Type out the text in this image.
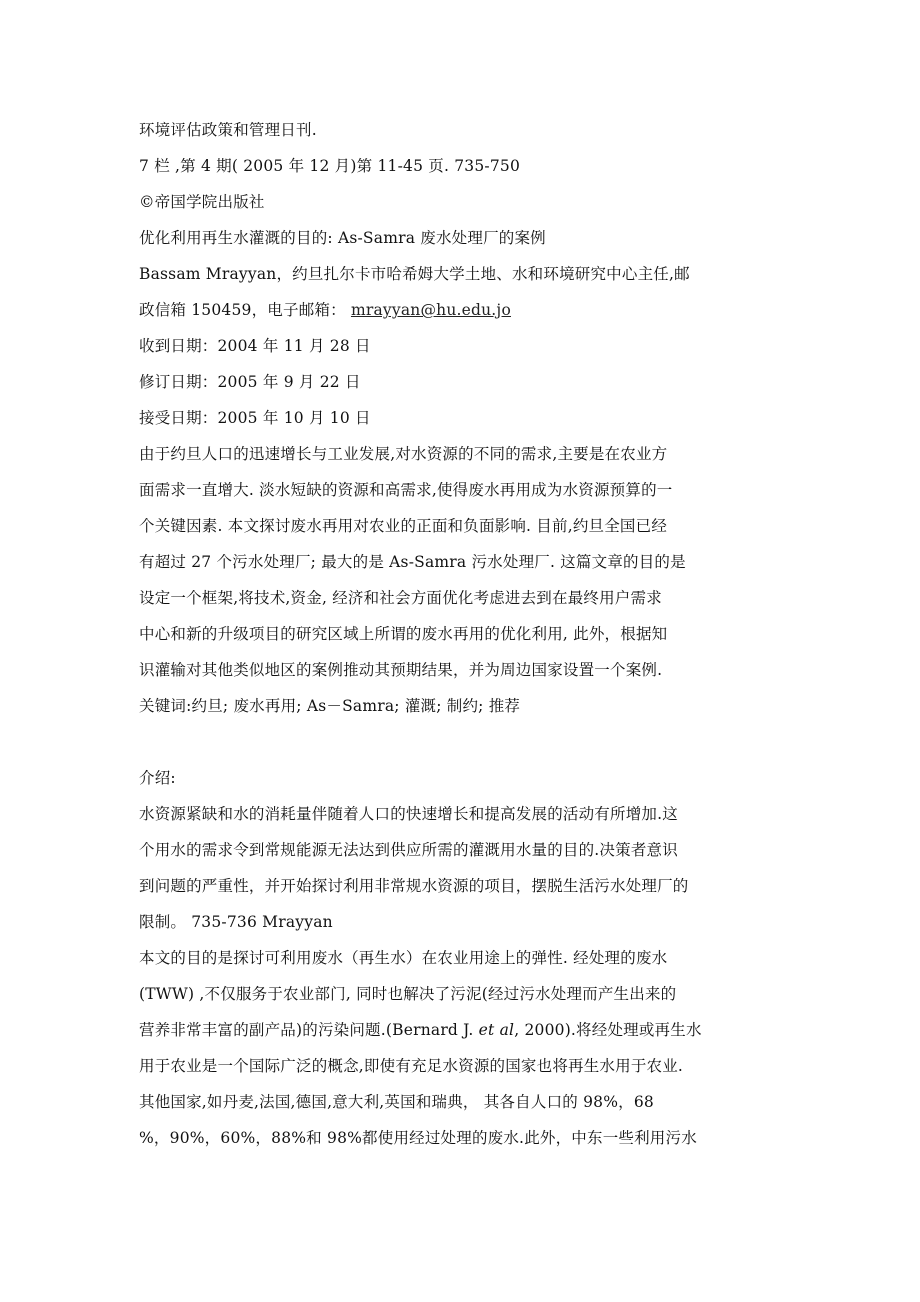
环境评估政策和管理日刊.
7 栏 ,第 4 期( 2005 年 12 月)第 11-45 页. 735-750
©帝国学院出版社
优化利用再生水灌溉的目的: As-Samra 废水处理厂的案例
Bassam Mrayyan，约旦扎尔卡市哈希姆大学土地、水和环境研究中心主任,邮
政信箱 150459，电子邮箱： mrayyan@hu.edu.jo
收到日期：2004 年 11 月 28 日
修订日期：2005 年 9 月 22 日
接受日期：2005 年 10 月 10 日
由于约旦人口的迅速增长与工业发展,对水资源的不同的需求,主要是在农业方
面需求一直增大. 淡水短缺的资源和高需求,使得废水再用成为水资源预算的一
个关键因素. 本文探讨废水再用对农业的正面和负面影响. 目前,约旦全国已经
有超过 27 个污水处理厂; 最大的是 As-Samra 污水处理厂. 这篇文章的目的是
设定一个框架,将技术,资金, 经济和社会方面优化考虑进去到在最终用户需求
中心和新的升级项目的研究区域上所谓的废水再用的优化利用, 此外，根据知
识灌输对其他类似地区的案例推动其预期结果，并为周边国家设置一个案例.
关键词:约旦; 废水再用; As－Samra; 灌溉; 制约; 推荐
介绍:
水资源紧缺和水的消耗量伴随着人口的快速增长和提高发展的活动有所增加.这
个用水的需求令到常规能源无法达到供应所需的灌溉用水量的目的.决策者意识
到问题的严重性，并开始探讨利用非常规水资源的项目，摆脱生活污水处理厂的
限制。 735-736 Mrayyan
本文的目的是探讨可利用废水（再生水）在农业用途上的弹性. 经处理的废水
(TWW) ,不仅服务于农业部门, 同时也解决了污泥(经过污水处理而产生出来的
营养非常丰富的副产品)的污染问题.(Bernard J. et al, 2000).将经处理或再生水
用于农业是一个国际广泛的概念,即使有充足水资源的国家也将再生水用于农业.
其他国家,如丹麦,法国,德国,意大利,英国和瑞典， 其各自人口的 98%，68
%，90%，60%，88%和 98%都使用经过处理的废水.此外，中东一些利用污水
